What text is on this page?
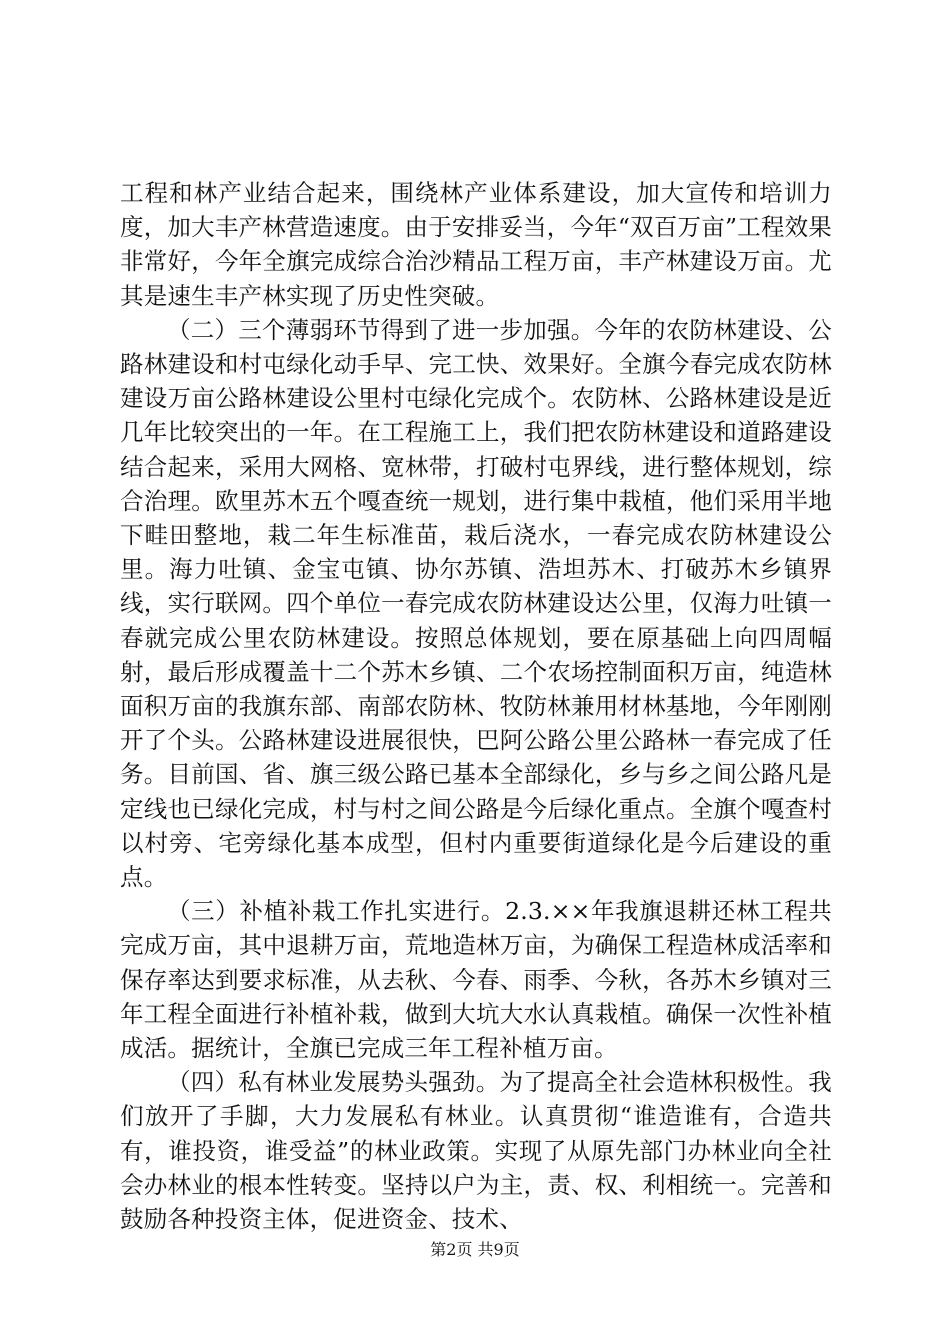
工程和林产业结合起来，围绕林产业体系建设，加大宣传和培训力度，加大丰产林营造速度。由于安排妥当，今年“双百万亩”工程效果非常好，今年全旗完成综合治沙精品工程万亩，丰产林建设万亩。尤其是速生丰产林实现了历史性突破。

（二）三个薄弱环节得到了进一步加强。今年的农防林建设、公路林建设和村屯绿化动手早、完工快、效果好。全旗今春完成农防林建设万亩公路林建设公里村屯绿化完成个。农防林、公路林建设是近几年比较突出的一年。在工程施工上，我们把农防林建设和道路建设结合起来，采用大网格、宽林带，打破村屯界线，进行整体规划，综合治理。欧里苏木五个嘎查统一规划，进行集中栽植，他们采用半地下畦田整地，栽二年生标准苗，栽后浇水，一春完成农防林建设公里。海力吐镇、金宝屯镇、协尔苏镇、浩坦苏木、打破苏木乡镇界线，实行联网。四个单位一春完成农防林建设达公里，仅海力吐镇一春就完成公里农防林建设。按照总体规划，要在原基础上向四周幅射，最后形成覆盖十二个苏木乡镇、二个农场控制面积万亩，纯造林面积万亩的我旗东部、南部农防林、牧防林兼用材林基地，今年刚刚开了个头。公路林建设进展很快，巴阿公路公里公路林一春完成了任务。目前国、省、旗三级公路已基本全部绿化，乡与乡之间公路凡是定线也已绿化完成，村与村之间公路是今后绿化重点。全旗个嘎查村以村旁、宅旁绿化基本成型，但村内重要街道绿化是今后建设的重点。

（三）补植补栽工作扎实进行。2.3.××年我旗退耕还林工程共完成万亩，其中退耕万亩，荒地造林万亩，为确保工程造林成活率和保存率达到要求标准，从去秋、今春、雨季、今秋，各苏木乡镇对三年工程全面进行补植补栽，做到大坑大水认真栽植。确保一次性补植成活。据统计，全旗已完成三年工程补植万亩。

（四）私有林业发展势头强劲。为了提高全社会造林积极性。我们放开了手脚，大力发展私有林业。认真贯彻“谁造谁有，合造共有，谁投资，谁受益”的林业政策。实现了从原先部门办林业向全社会办林业的根本性转变。坚持以户为主，责、权、利相统一。完善和鼓励各种投资主体，促进资金、技术、

第2页 共9页
